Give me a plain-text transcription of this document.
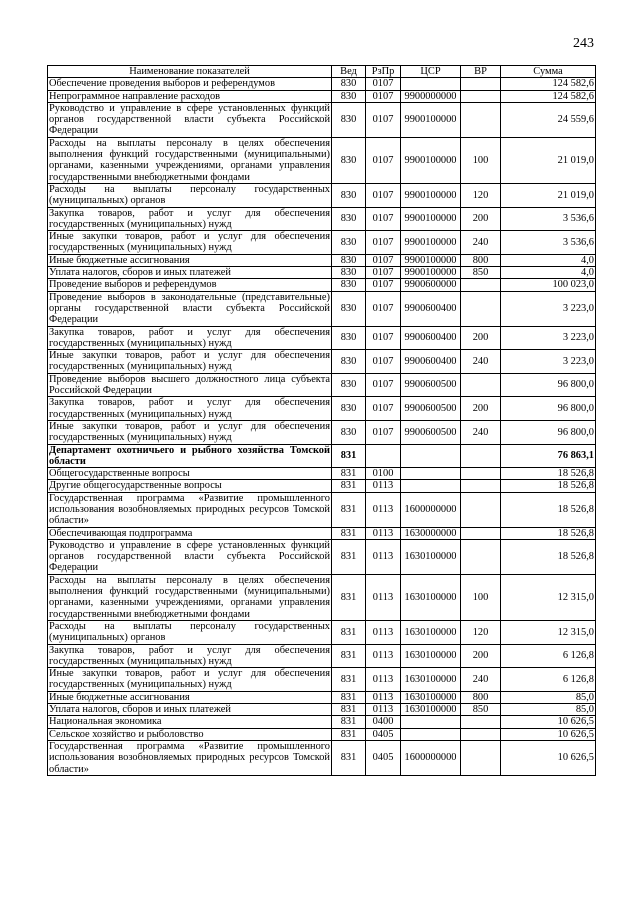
243
Наименование показателей	Вед	РзПр	ЦСР	ВР	Сумма
Обеспечение проведения выборов и референдумов	830	0107			124 582,6
Непрограммное направление расходов	830	0107	9900000000		124 582,6
Руководство и управление в сфере установленных функций органов государственной власти субъекта Российской Федерации	830	0107	9900100000		24 559,6
Расходы на выплаты персоналу в целях обеспечения выполнения функций государственными (муниципальными) органами, казенными учреждениями, органами управления государственными внебюджетными фондами	830	0107	9900100000	100	21 019,0
Расходы на выплаты персоналу государственных (муниципальных) органов	830	0107	9900100000	120	21 019,0
Закупка товаров, работ и услуг для обеспечения государственных (муниципальных) нужд	830	0107	9900100000	200	3 536,6
Иные закупки товаров, работ и услуг для обеспечения государственных (муниципальных) нужд	830	0107	9900100000	240	3 536,6
Иные бюджетные ассигнования	830	0107	9900100000	800	4,0
Уплата налогов, сборов и иных платежей	830	0107	9900100000	850	4,0
Проведение выборов и референдумов	830	0107	9900600000		100 023,0
Проведение выборов в законодательные (представительные) органы государственной власти субъекта Российской Федерации	830	0107	9900600400		3 223,0
Закупка товаров, работ и услуг для обеспечения государственных (муниципальных) нужд	830	0107	9900600400	200	3 223,0
Иные закупки товаров, работ и услуг для обеспечения государственных (муниципальных) нужд	830	0107	9900600400	240	3 223,0
Проведение выборов высшего должностного лица субъекта Российской Федерации	830	0107	9900600500		96 800,0
Закупка товаров, работ и услуг для обеспечения государственных (муниципальных) нужд	830	0107	9900600500	200	96 800,0
Иные закупки товаров, работ и услуг для обеспечения государственных (муниципальных) нужд	830	0107	9900600500	240	96 800,0
Департамент охотничьего и рыбного хозяйства Томской области	831				76 863,1
Общегосударственные вопросы	831	0100			18 526,8
Другие общегосударственные вопросы	831	0113			18 526,8
Государственная программа «Развитие промышленного использования возобновляемых природных ресурсов Томской области»	831	0113	1600000000		18 526,8
Обеспечивающая подпрограмма	831	0113	1630000000		18 526,8
Руководство и управление в сфере установленных функций органов государственной власти субъекта Российской Федерации	831	0113	1630100000		18 526,8
Расходы на выплаты персоналу в целях обеспечения выполнения функций государственными (муниципальными) органами, казенными учреждениями, органами управления государственными внебюджетными фондами	831	0113	1630100000	100	12 315,0
Расходы на выплаты персоналу государственных (муниципальных) органов	831	0113	1630100000	120	12 315,0
Закупка товаров, работ и услуг для обеспечения государственных (муниципальных) нужд	831	0113	1630100000	200	6 126,8
Иные закупки товаров, работ и услуг для обеспечения государственных (муниципальных) нужд	831	0113	1630100000	240	6 126,8
Иные бюджетные ассигнования	831	0113	1630100000	800	85,0
Уплата налогов, сборов и иных платежей	831	0113	1630100000	850	85,0
Национальная экономика	831	0400			10 626,5
Сельское хозяйство и рыболовство	831	0405			10 626,5
Государственная программа «Развитие промышленного использования возобновляемых природных ресурсов Томской области»	831	0405	1600000000		10 626,5
